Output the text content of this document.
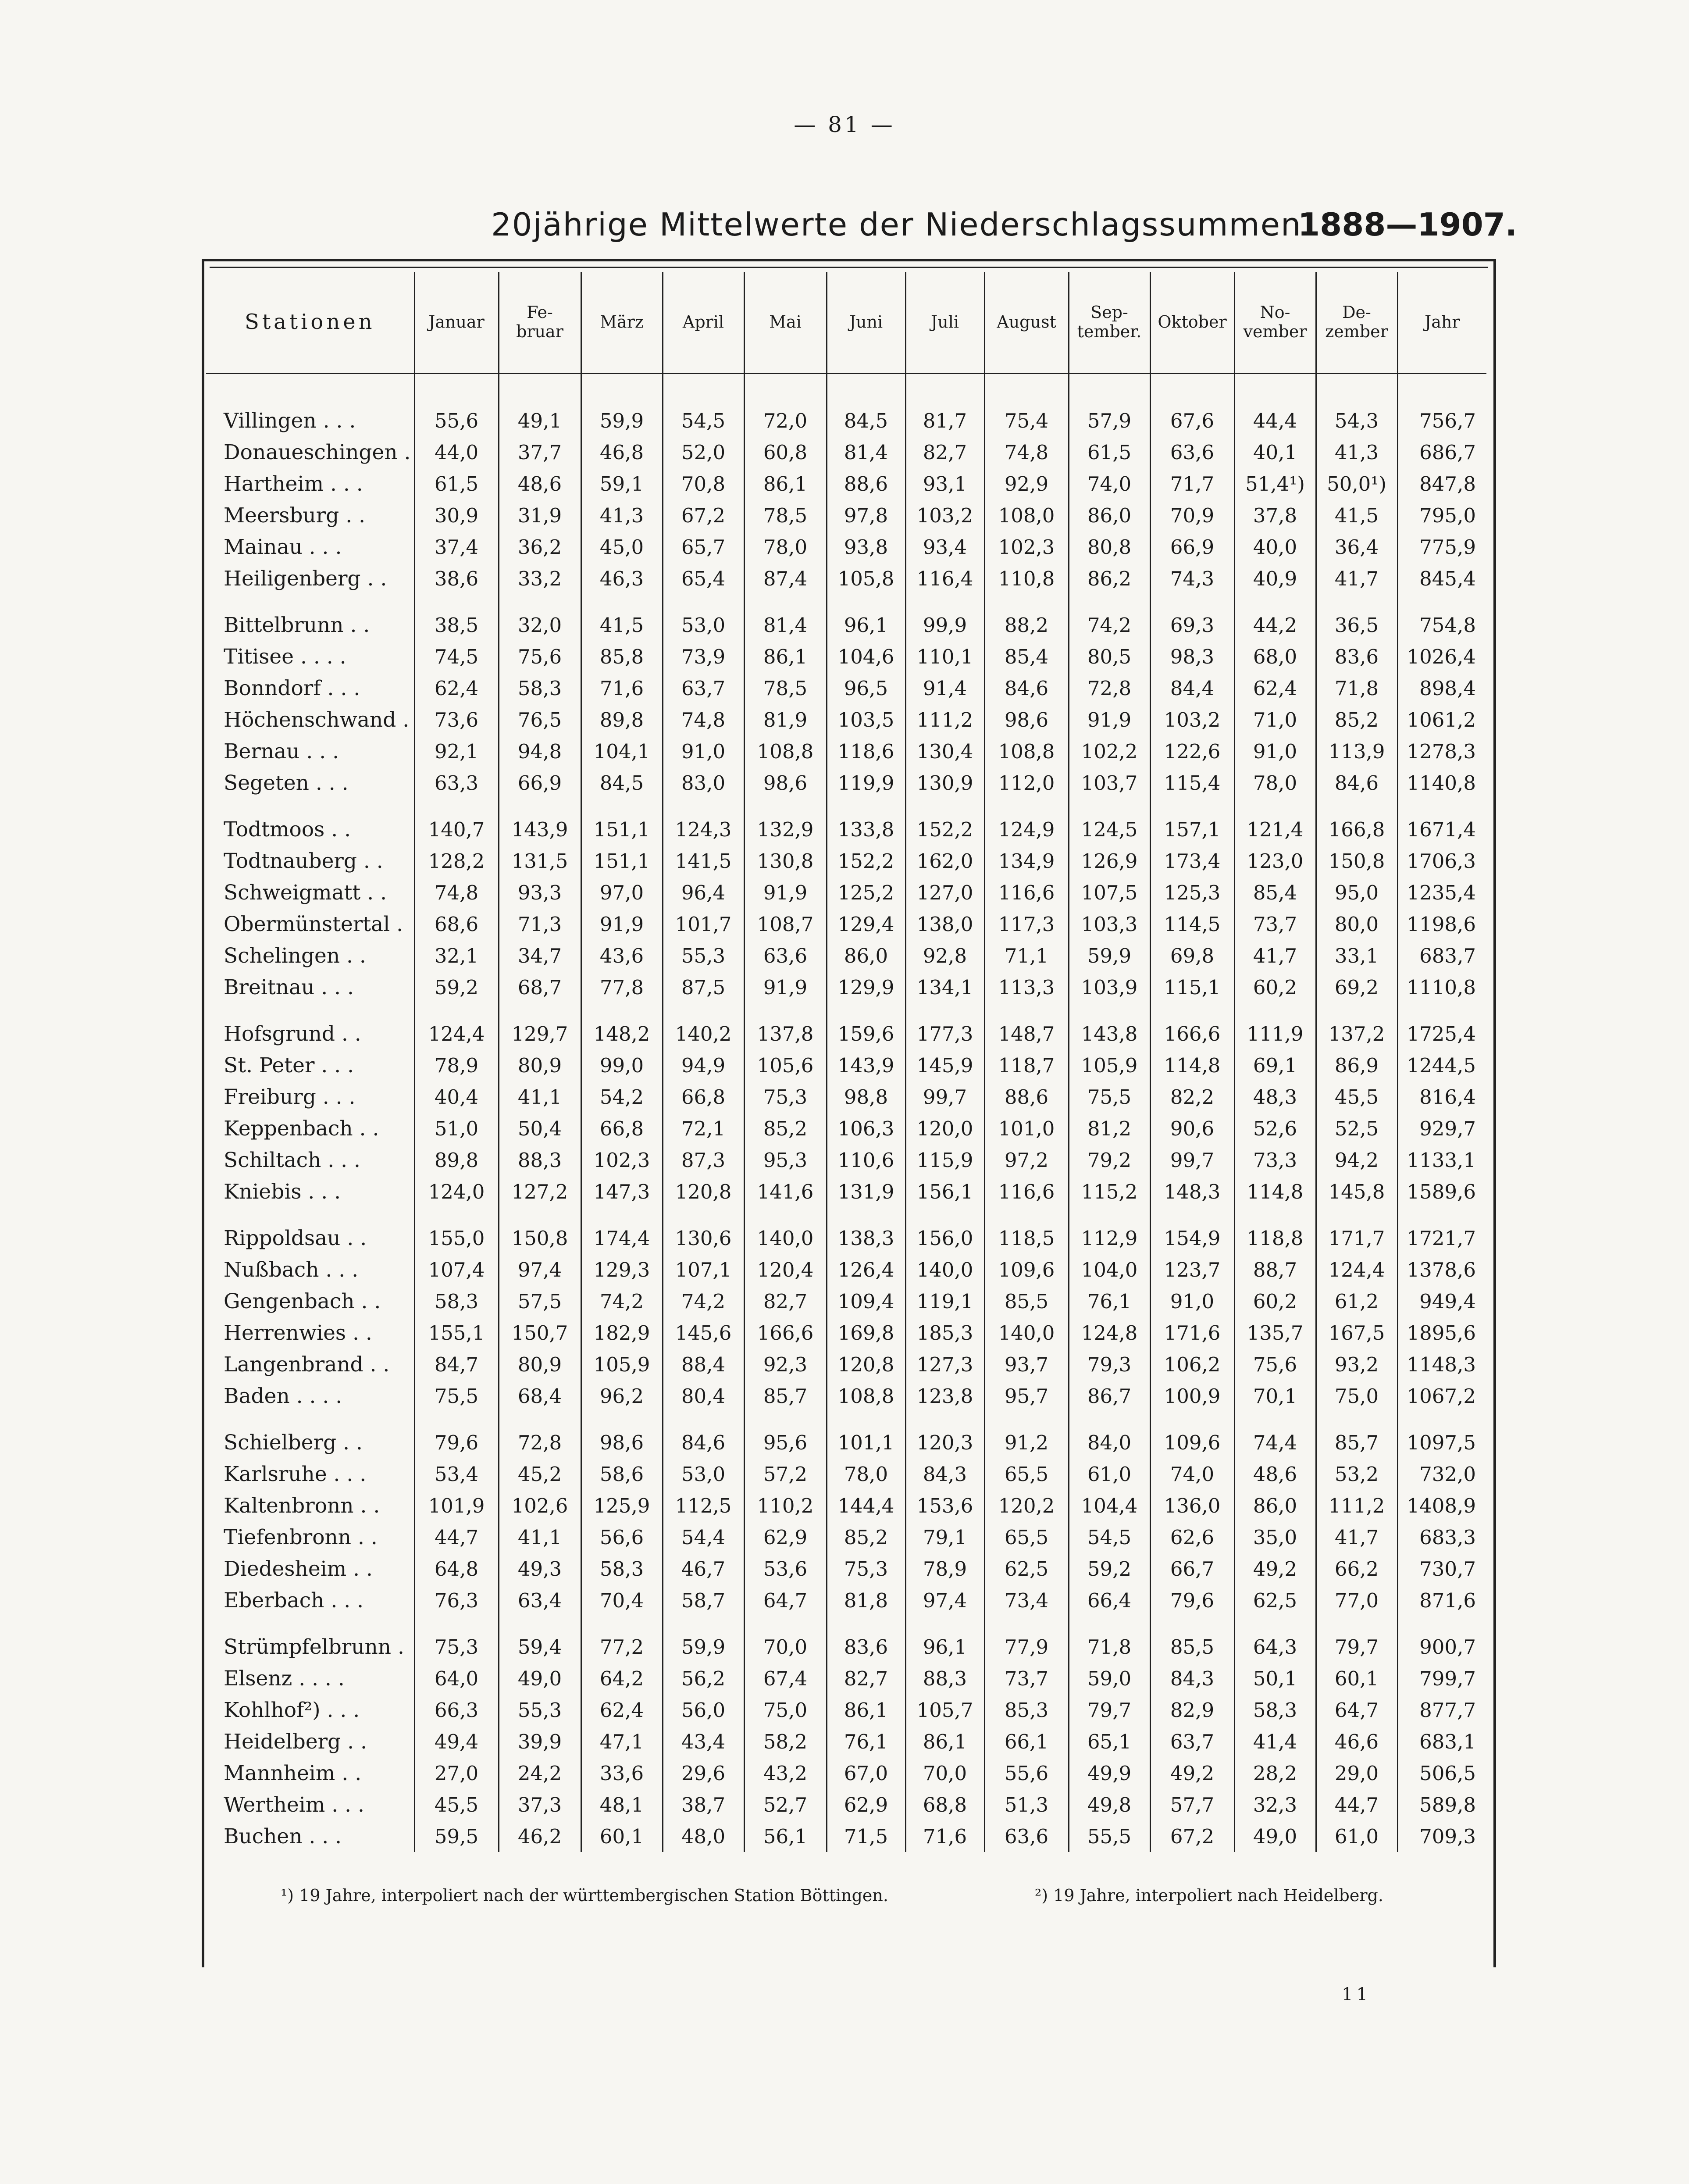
— 81 —
20jährige Mittelwerte der Niederschlagssummen.
1888—1907.
Stationen	Januar	Fe-
bruar	März	April	Mai	Juni	Juli	August	Sep-
tember.	Oktober	No-
vember	De-
zember	Jahr
Villingen . . .	55,6	49,1	59,9	54,5	72,0	84,5	81,7	75,4	57,9	67,6	44,4	54,3	756,7
Donaueschingen .	44,0	37,7	46,8	52,0	60,8	81,4	82,7	74,8	61,5	63,6	40,1	41,3	686,7
Hartheim . . .	61,5	48,6	59,1	70,8	86,1	88,6	93,1	92,9	74,0	71,7	51,4¹)	50,0¹)	847,8
Meersburg . .	30,9	31,9	41,3	67,2	78,5	97,8	103,2	108,0	86,0	70,9	37,8	41,5	795,0
Mainau . . .	37,4	36,2	45,0	65,7	78,0	93,8	93,4	102,3	80,8	66,9	40,0	36,4	775,9
Heiligenberg . .	38,6	33,2	46,3	65,4	87,4	105,8	116,4	110,8	86,2	74,3	40,9	41,7	845,4

Bittelbrunn . .	38,5	32,0	41,5	53,0	81,4	96,1	99,9	88,2	74,2	69,3	44,2	36,5	754,8
Titisee . . . .	74,5	75,6	85,8	73,9	86,1	104,6	110,1	85,4	80,5	98,3	68,0	83,6	1026,4
Bonndorf . . .	62,4	58,3	71,6	63,7	78,5	96,5	91,4	84,6	72,8	84,4	62,4	71,8	898,4
Höchenschwand .	73,6	76,5	89,8	74,8	81,9	103,5	111,2	98,6	91,9	103,2	71,0	85,2	1061,2
Bernau . . .	92,1	94,8	104,1	91,0	108,8	118,6	130,4	108,8	102,2	122,6	91,0	113,9	1278,3
Segeten . . .	63,3	66,9	84,5	83,0	98,6	119,9	130,9	112,0	103,7	115,4	78,0	84,6	1140,8

Todtmoos . .	140,7	143,9	151,1	124,3	132,9	133,8	152,2	124,9	124,5	157,1	121,4	166,8	1671,4
Todtnauberg . .	128,2	131,5	151,1	141,5	130,8	152,2	162,0	134,9	126,9	173,4	123,0	150,8	1706,3
Schweigmatt . .	74,8	93,3	97,0	96,4	91,9	125,2	127,0	116,6	107,5	125,3	85,4	95,0	1235,4
Obermünstertal .	68,6	71,3	91,9	101,7	108,7	129,4	138,0	117,3	103,3	114,5	73,7	80,0	1198,6
Schelingen . .	32,1	34,7	43,6	55,3	63,6	86,0	92,8	71,1	59,9	69,8	41,7	33,1	683,7
Breitnau . . .	59,2	68,7	77,8	87,5	91,9	129,9	134,1	113,3	103,9	115,1	60,2	69,2	1110,8

Hofsgrund . .	124,4	129,7	148,2	140,2	137,8	159,6	177,3	148,7	143,8	166,6	111,9	137,2	1725,4
St. Peter . . .	78,9	80,9	99,0	94,9	105,6	143,9	145,9	118,7	105,9	114,8	69,1	86,9	1244,5
Freiburg . . .	40,4	41,1	54,2	66,8	75,3	98,8	99,7	88,6	75,5	82,2	48,3	45,5	816,4
Keppenbach . .	51,0	50,4	66,8	72,1	85,2	106,3	120,0	101,0	81,2	90,6	52,6	52,5	929,7
Schiltach . . .	89,8	88,3	102,3	87,3	95,3	110,6	115,9	97,2	79,2	99,7	73,3	94,2	1133,1
Kniebis . . .	124,0	127,2	147,3	120,8	141,6	131,9	156,1	116,6	115,2	148,3	114,8	145,8	1589,6

Rippoldsau . .	155,0	150,8	174,4	130,6	140,0	138,3	156,0	118,5	112,9	154,9	118,8	171,7	1721,7
Nußbach . . .	107,4	97,4	129,3	107,1	120,4	126,4	140,0	109,6	104,0	123,7	88,7	124,4	1378,6
Gengenbach . .	58,3	57,5	74,2	74,2	82,7	109,4	119,1	85,5	76,1	91,0	60,2	61,2	949,4
Herrenwies . .	155,1	150,7	182,9	145,6	166,6	169,8	185,3	140,0	124,8	171,6	135,7	167,5	1895,6
Langenbrand . .	84,7	80,9	105,9	88,4	92,3	120,8	127,3	93,7	79,3	106,2	75,6	93,2	1148,3
Baden . . . .	75,5	68,4	96,2	80,4	85,7	108,8	123,8	95,7	86,7	100,9	70,1	75,0	1067,2

Schielberg . .	79,6	72,8	98,6	84,6	95,6	101,1	120,3	91,2	84,0	109,6	74,4	85,7	1097,5
Karlsruhe . . .	53,4	45,2	58,6	53,0	57,2	78,0	84,3	65,5	61,0	74,0	48,6	53,2	732,0
Kaltenbronn . .	101,9	102,6	125,9	112,5	110,2	144,4	153,6	120,2	104,4	136,0	86,0	111,2	1408,9
Tiefenbronn . .	44,7	41,1	56,6	54,4	62,9	85,2	79,1	65,5	54,5	62,6	35,0	41,7	683,3
Diedesheim . .	64,8	49,3	58,3	46,7	53,6	75,3	78,9	62,5	59,2	66,7	49,2	66,2	730,7
Eberbach . . .	76,3	63,4	70,4	58,7	64,7	81,8	97,4	73,4	66,4	79,6	62,5	77,0	871,6

Strümpfelbrunn .	75,3	59,4	77,2	59,9	70,0	83,6	96,1	77,9	71,8	85,5	64,3	79,7	900,7
Elsenz . . . .	64,0	49,0	64,2	56,2	67,4	82,7	88,3	73,7	59,0	84,3	50,1	60,1	799,7
Kohlhof²) . . .	66,3	55,3	62,4	56,0	75,0	86,1	105,7	85,3	79,7	82,9	58,3	64,7	877,7
Heidelberg . .	49,4	39,9	47,1	43,4	58,2	76,1	86,1	66,1	65,1	63,7	41,4	46,6	683,1
Mannheim . .	27,0	24,2	33,6	29,6	43,2	67,0	70,0	55,6	49,9	49,2	28,2	29,0	506,5
Wertheim . . .	45,5	37,3	48,1	38,7	52,7	62,9	68,8	51,3	49,8	57,7	32,3	44,7	589,8
Buchen . . .	59,5	46,2	60,1	48,0	56,1	71,5	71,6	63,6	55,5	67,2	49,0	61,0	709,3
¹) 19 Jahre, interpoliert nach der württembergischen Station Böttingen.	²) 19 Jahre, interpoliert nach Heidelberg.
11
